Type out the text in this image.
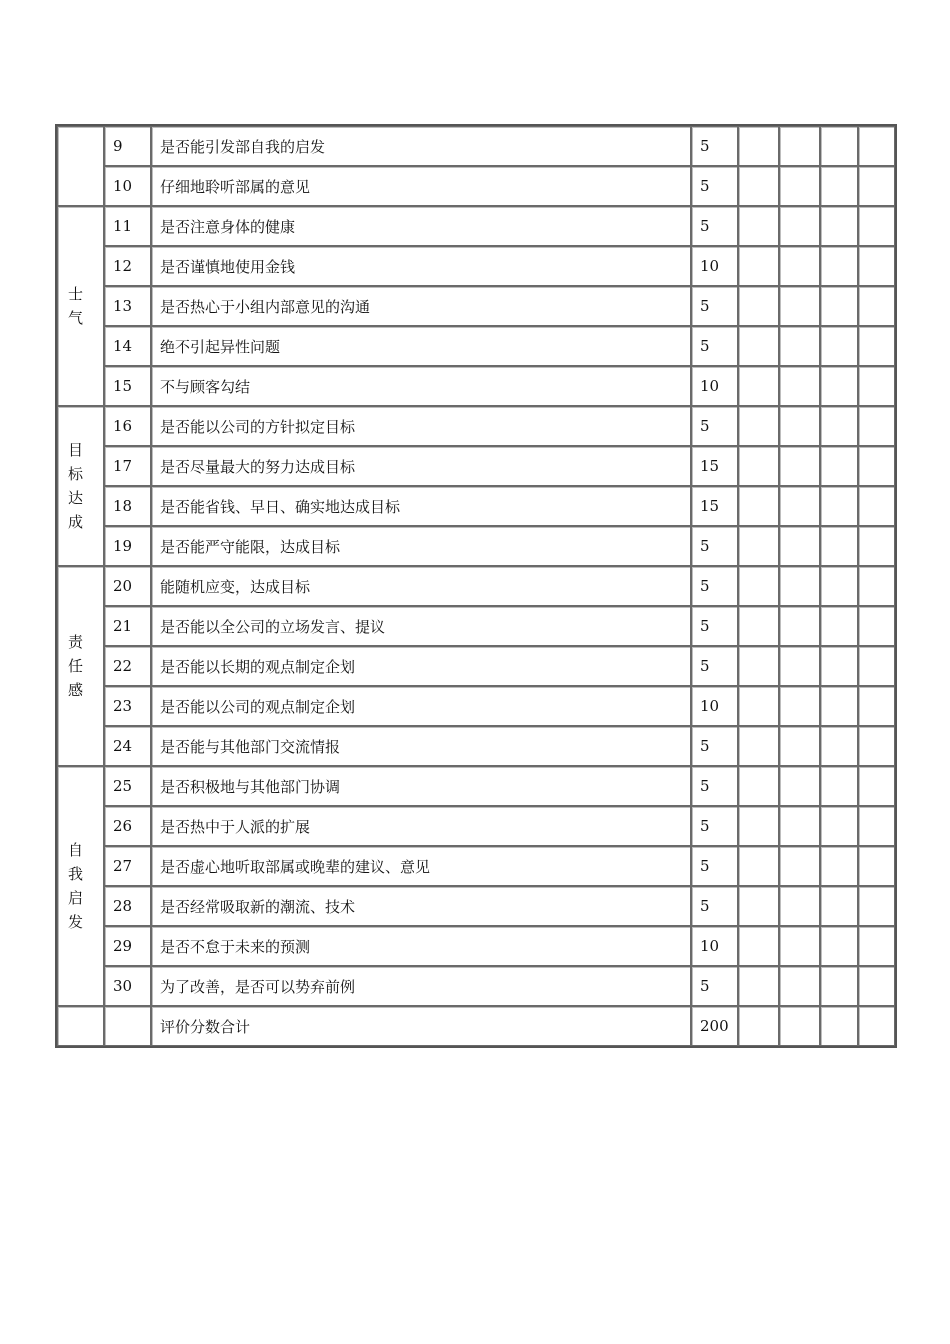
	9	是否能引发部自我的启发	5				
	10	仔细地聆听部属的意见	5				
士气	11	是否注意身体的健康	5				
	12	是否谨慎地使用金钱	10				
	13	是否热心于小组内部意见的沟通	5				
	14	绝不引起异性问题	5				
	15	不与顾客勾结	10				
目标达成	16	是否能以公司的方针拟定目标	5				
	17	是否尽量最大的努力达成目标	15				
	18	是否能省钱、早日、确实地达成目标	15				
	19	是否能严守能限，达成目标	5				
责任感	20	能随机应变，达成目标	5				
	21	是否能以全公司的立场发言、提议	5				
	22	是否能以长期的观点制定企划	5				
	23	是否能以公司的观点制定企划	10				
	24	是否能与其他部门交流情报	5				
自我启发	25	是否积极地与其他部门协调	5				
	26	是否热中于人派的扩展	5				
	27	是否虚心地听取部属或晚辈的建议、意见	5				
	28	是否经常吸取新的潮流、技术	5				
	29	是否不怠于未来的预测	10				
	30	为了改善，是否可以势弃前例	5				
		评价分数合计	200				
